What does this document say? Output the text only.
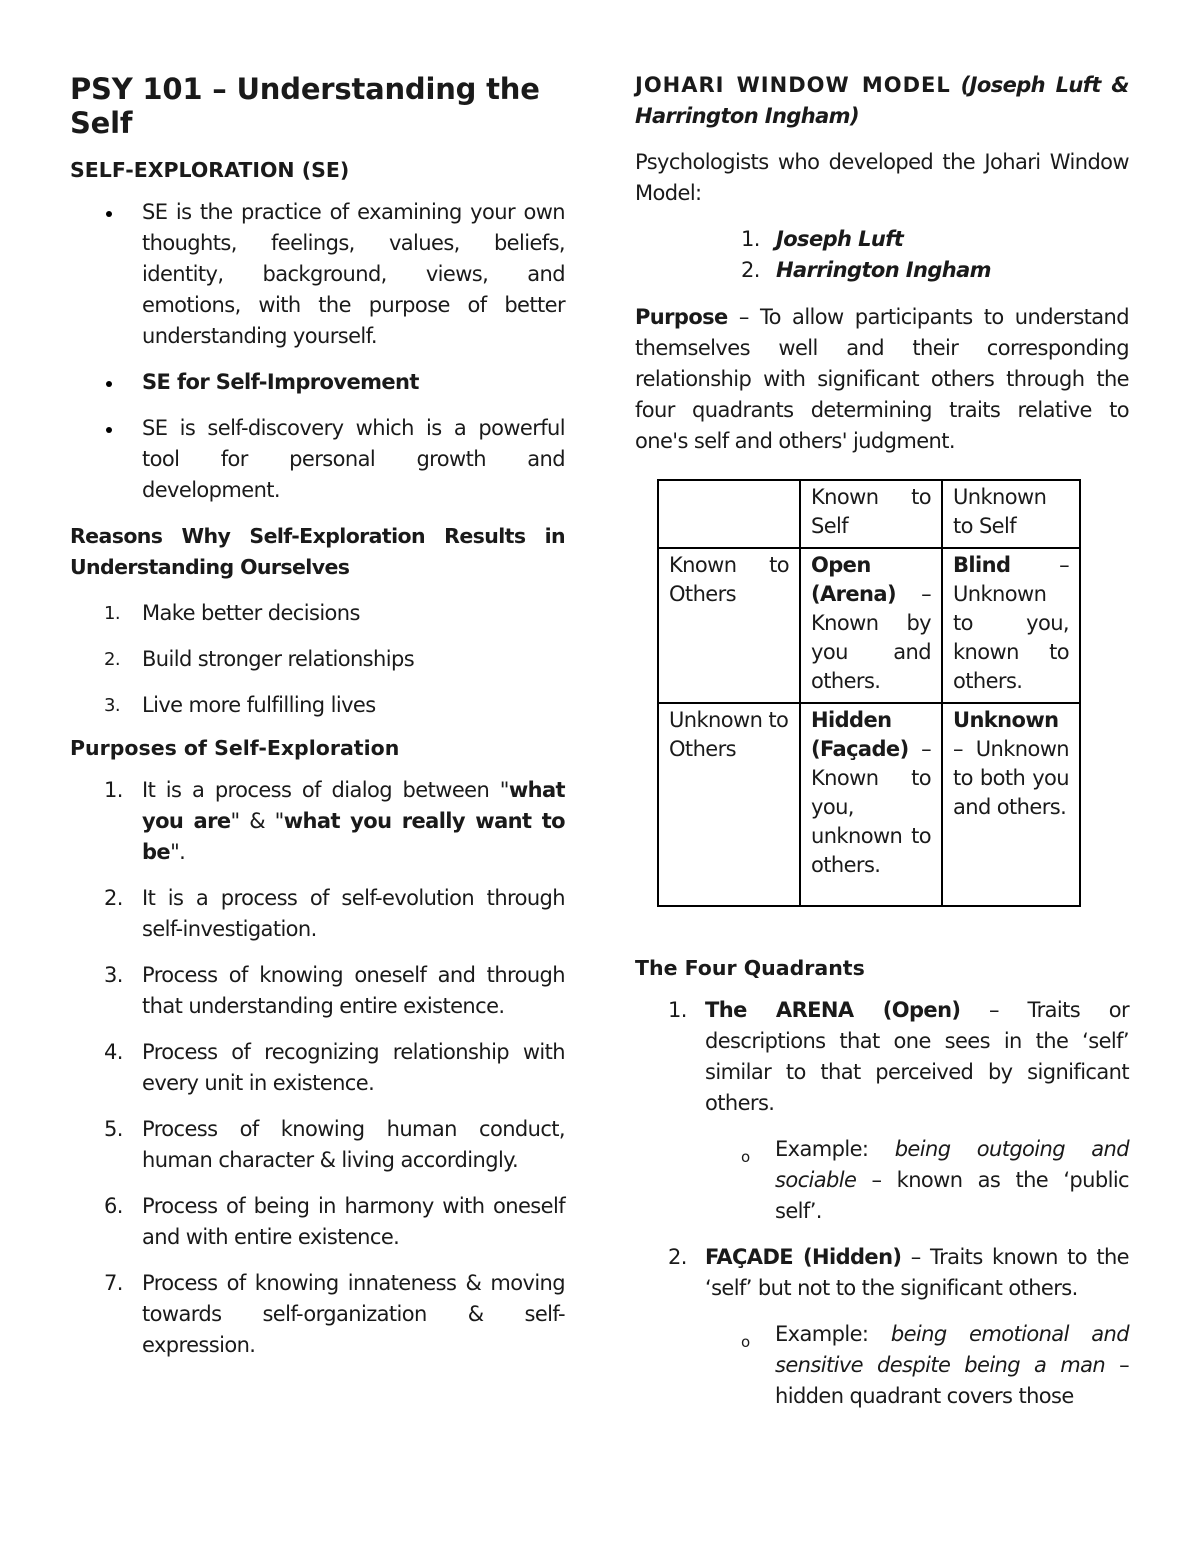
PSY 101 – Understanding the Self
SELF-EXPLORATION (SE)
SE is the practice of examining your own thoughts, feelings, values, beliefs, identity, background, views, and emotions, with the purpose of better understanding yourself.
SE for Self-Improvement
SE is self-discovery which is a powerful tool for personal growth and development.
Reasons Why Self-Exploration Results in Understanding Ourselves
1. Make better decisions
2. Build stronger relationships
3. Live more fulfilling lives
Purposes of Self-Exploration
1. It is a process of dialog between "what you are" & "what you really want to be".
2. It is a process of self-evolution through self-investigation.
3. Process of knowing oneself and through that understanding entire existence.
4. Process of recognizing relationship with every unit in existence.
5. Process of knowing human conduct, human character & living accordingly.
6. Process of being in harmony with oneself and with entire existence.
7. Process of knowing innateness & moving towards self-organization & self-expression.
JOHARI WINDOW MODEL (Joseph Luft & Harrington Ingham)
Psychologists who developed the Johari Window Model:
1. Joseph Luft
2. Harrington Ingham
Purpose – To allow participants to understand themselves well and their corresponding relationship with significant others through the four quadrants determining traits relative to one's self and others' judgment.
	Known to Self	Unknown to Self
Known to Others	Open (Arena) – Known by you and others.	Blind – Unknown to you, known to others.
Unknown to Others	Hidden (Façade) – Known to you, unknown to others.	Unknown – Unknown to both you and others.
The Four Quadrants
1. The ARENA (Open) – Traits or descriptions that one sees in the ‘self’ similar to that perceived by significant others.
o Example: being outgoing and sociable – known as the ‘public self’.
2. FAÇADE (Hidden) – Traits known to the ‘self’ but not to the significant others.
o Example: being emotional and sensitive despite being a man – hidden quadrant covers those
